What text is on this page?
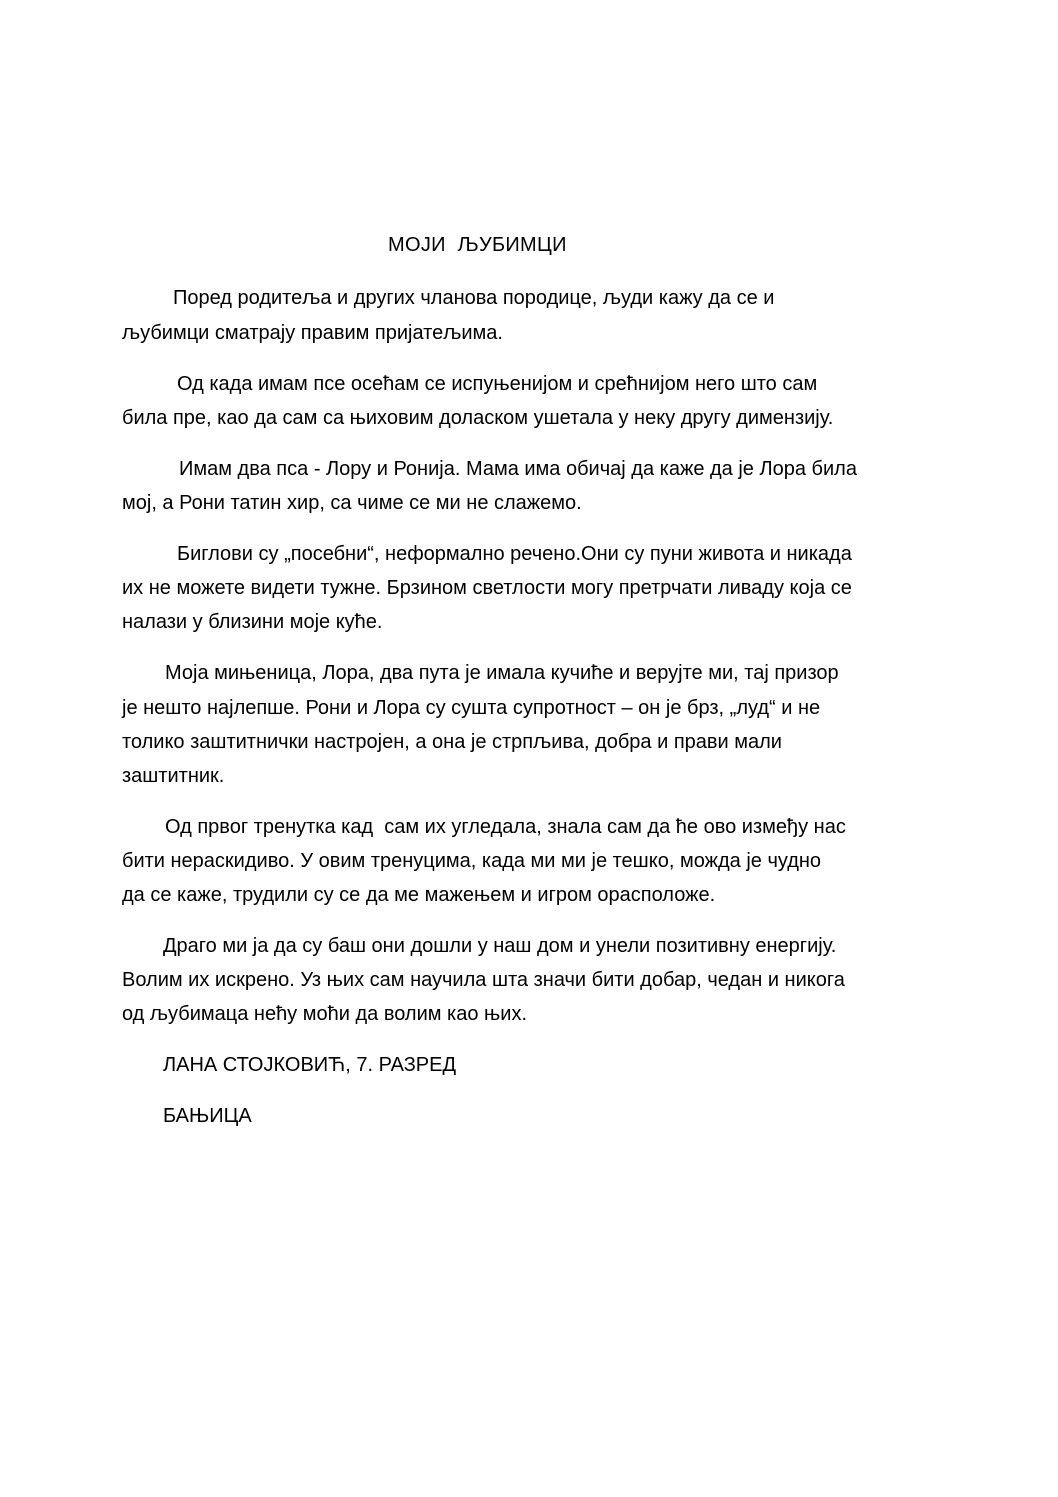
МОЈИ  ЉУБИМЦИ
Поред родитеља и других чланова породице, људи кажу да се и
љубимци сматрају правим пријатељима.
Од када имам псе осећам се испуњенијом и срећнијом него што сам
била пре, као да сам са њиховим доласком ушетала у неку другу димензију.
Имам два пса - Лору и Ронија. Мама има обичај да каже да је Лора била
мој, а Рони татин хир, са чиме се ми не слажемо.
Биглови су „посебни“, неформално речено.Они су пуни живота и никада
их не можете видети тужне. Брзином светлости могу претрчати ливаду која се
налази у близини моје куће.
Моја мињеница, Лора, два пута је имала кучиће и верујте ми, тај призор
је нешто најлепше. Рони и Лора су сушта супротност – он је брз, „луд“ и не
толико заштитнички настројен, а она је стрпљива, добра и прави мали
заштитник.
Од првог тренутка кад  сам их угледала, знала сам да ће ово између нас
бити нераскидиво. У овим тренуцима, када ми ми је тешко, можда је чудно
да се каже, трудили су се да ме мажењем и игром орасположе.
Драго ми ја да су баш они дошли у наш дом и унели позитивну енергију.
Волим их искрено. Уз њих сам научила шта значи бити добар, чедан и никога
од љубимаца нећу моћи да волим као њих.
ЛАНА СТОЈКОВИЋ, 7. РАЗРЕД
БАЊИЦА
